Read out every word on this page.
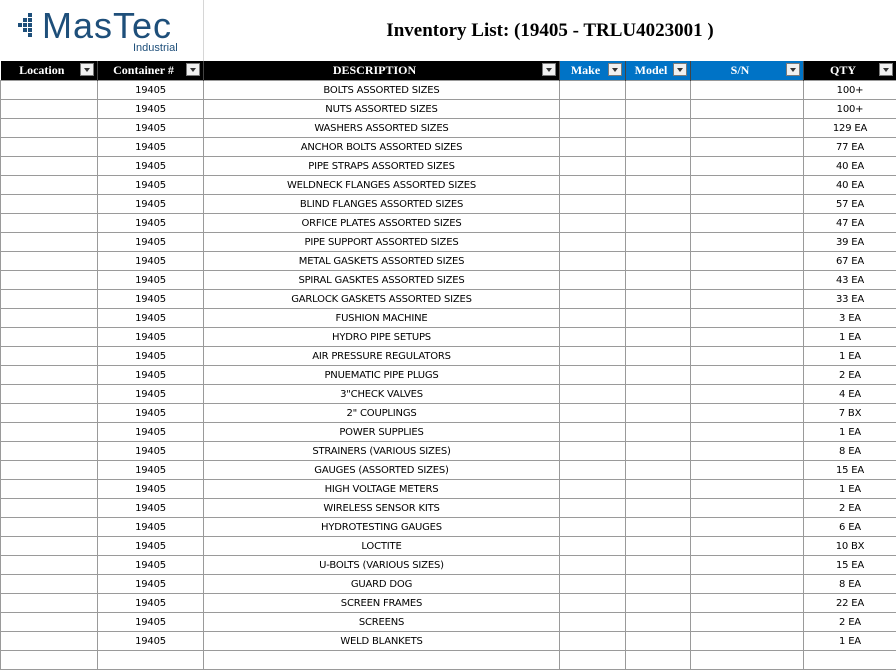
MasTec
Industrial
Inventory List: (19405 - TRLU4023001 )
Location	Container #	DESCRIPTION	Make	Model	S/N	QTY

	19405	BOLTS ASSORTED SIZES				100+
	19405	NUTS ASSORTED SIZES				100+
	19405	WASHERS ASSORTED SIZES				129 EA
	19405	ANCHOR BOLTS ASSORTED SIZES				77 EA
	19405	PIPE STRAPS ASSORTED SIZES				40 EA
	19405	WELDNECK FLANGES ASSORTED SIZES				40 EA
	19405	BLIND FLANGES ASSORTED SIZES				57 EA
	19405	ORFICE PLATES ASSORTED SIZES				47 EA
	19405	PIPE SUPPORT ASSORTED SIZES				39 EA
	19405	METAL GASKETS ASSORTED SIZES				67 EA
	19405	SPIRAL GASKTES ASSORTED SIZES				43 EA
	19405	GARLOCK GASKETS ASSORTED SIZES				33 EA
	19405	FUSHION MACHINE				3 EA
	19405	HYDRO PIPE SETUPS				1 EA
	19405	AIR PRESSURE REGULATORS				1 EA
	19405	PNUEMATIC PIPE PLUGS				2 EA
	19405	3"CHECK VALVES				4 EA
	19405	2" COUPLINGS				7 BX
	19405	POWER SUPPLIES				1 EA
	19405	STRAINERS (VARIOUS SIZES)				8 EA
	19405	GAUGES (ASSORTED SIZES)				15 EA
	19405	HIGH VOLTAGE METERS				1 EA
	19405	WIRELESS SENSOR KITS				2 EA
	19405	HYDROTESTING GAUGES				6 EA
	19405	LOCTITE				10 BX
	19405	U-BOLTS (VARIOUS SIZES)				15 EA
	19405	GUARD DOG				8 EA
	19405	SCREEN FRAMES				22 EA
	19405	SCREENS				2 EA
	19405	WELD BLANKETS				1 EA
